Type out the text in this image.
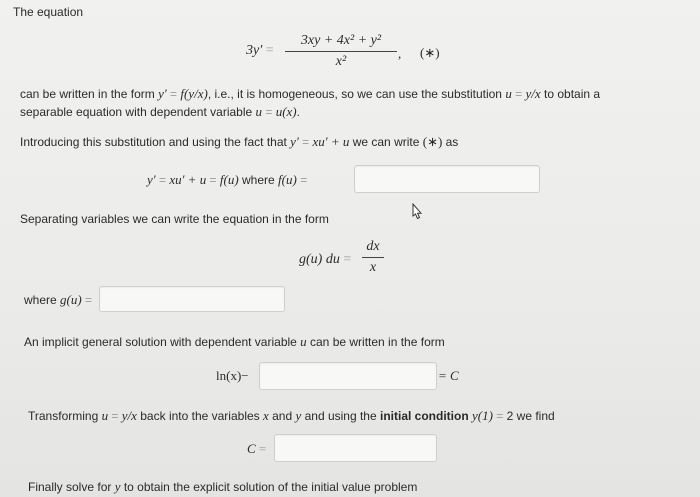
The equation
3y′ =
3xy + 4x² + y²
x²
, (∗)
can be written in the form y′ = f(y/x), i.e., it is homogeneous, so we can use the substitution u = y/x to obtain a
separable equation with dependent variable u = u(x).
Introducing this substitution and using the fact that y′ = xu′ + u we can write (∗) as
y′ = xu′ + u = f(u) where f(u) =
Separating variables we can write the equation in the form
g(u) du =
dx
x
where g(u) =
An implicit general solution with dependent variable u can be written in the form
ln(x)−	= C
Transforming u = y/x back into the variables x and y and using the initial condition y(1) = 2 we find
C =
Finally solve for y to obtain the explicit solution of the initial value problem
